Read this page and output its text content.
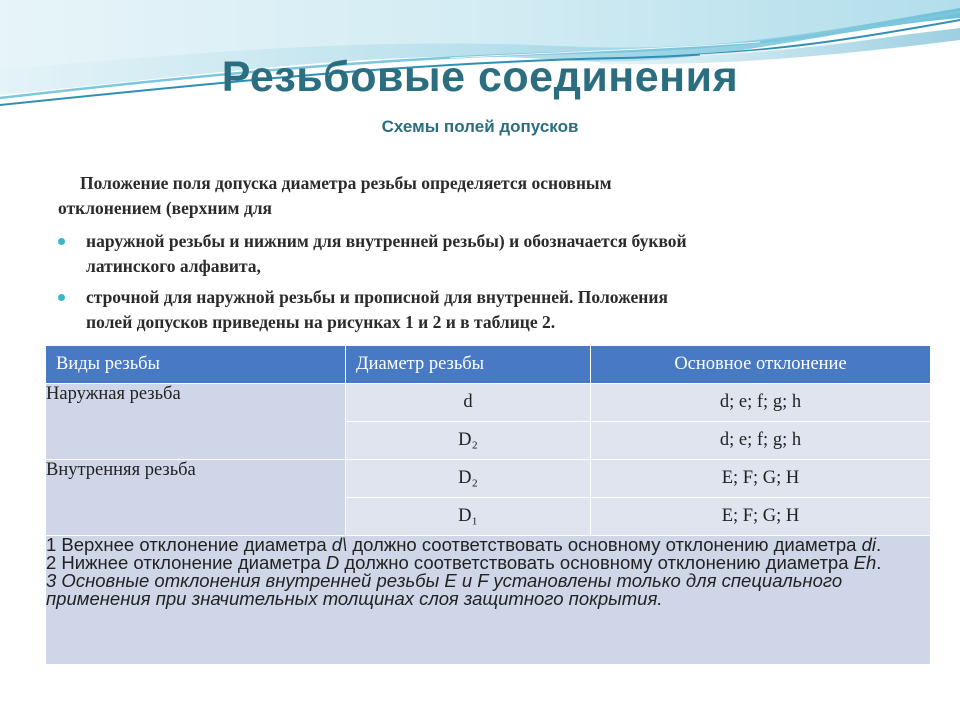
Резьбовые соединения
Схемы полей допусков
Положение поля допуска диаметра резьбы определяется основным
отклонением (верхним для
наружной резьбы и нижним для внутренней резьбы) и обозначается буквой
латинского алфавита,
строчной для наружной резьбы и прописной для внутренней. Положения
полей допусков приведены на рисунках 1 и 2 и в таблице 2.
Виды резьбы	Диаметр резьбы	Основное отклонение
Наружная резьба	d	d; e; f; g; h
	D₂	d; e; f; g; h
Внутренняя резьба	D₂	E; F; G; H
	D₁	E; F; G; H

1 Верхнее отклонение диаметра d\ должно соответствовать основному отклонению диаметра di.
2 Нижнее отклонение диаметра D должно соответствовать основному отклонению диаметра Eh.
3 Основные отклонения внутренней резьбы E и F установлены только для специального
применения при значительных толщинах слоя защитного покрытия.		
